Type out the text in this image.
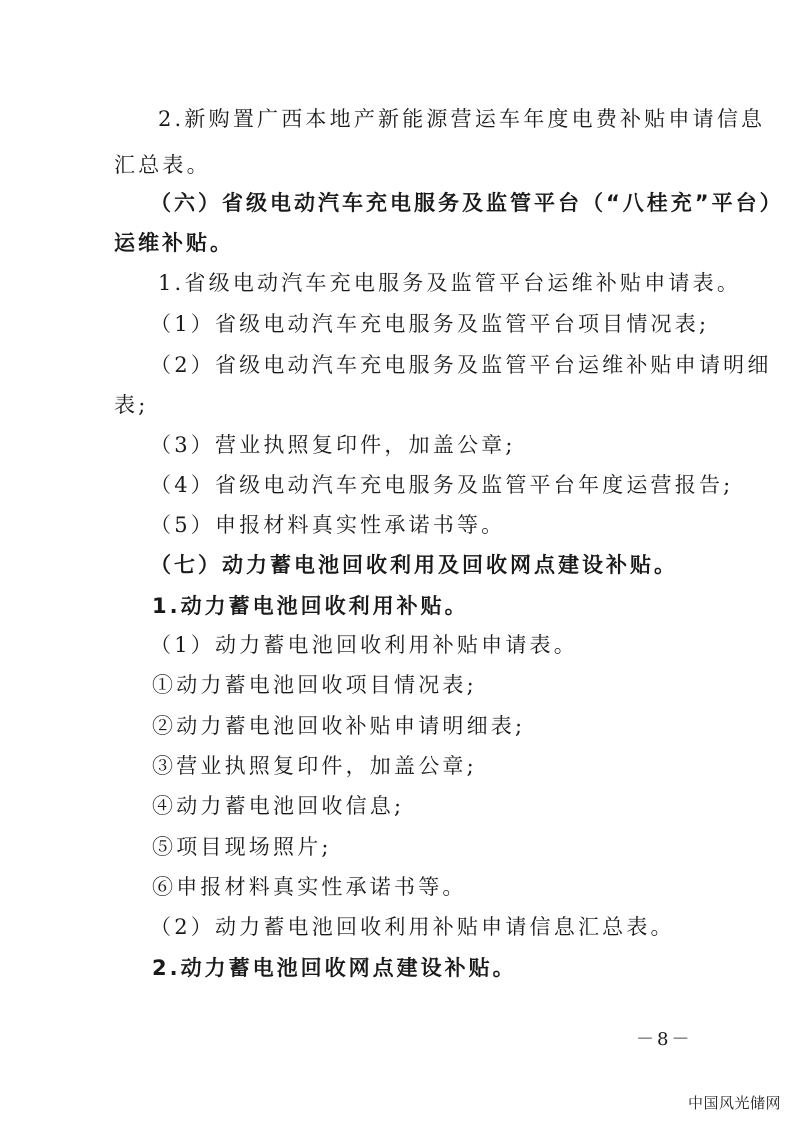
2.新购置广西本地产新能源营运车年度电费补贴申请信息
汇总表。
（六）省级电动汽车充电服务及监管平台（“八桂充”平台）
运维补贴。
1.省级电动汽车充电服务及监管平台运维补贴申请表。
（1）省级电动汽车充电服务及监管平台项目情况表;
（2）省级电动汽车充电服务及监管平台运维补贴申请明细
表;
（3）营业执照复印件，加盖公章;
（4）省级电动汽车充电服务及监管平台年度运营报告;
（5）申报材料真实性承诺书等。
（七）动力蓄电池回收利用及回收网点建设补贴。
1.动力蓄电池回收利用补贴。
（1）动力蓄电池回收利用补贴申请表。
①动力蓄电池回收项目情况表;
②动力蓄电池回收补贴申请明细表;
③营业执照复印件，加盖公章;
④动力蓄电池回收信息;
⑤项目现场照片;
⑥申报材料真实性承诺书等。
（2）动力蓄电池回收利用补贴申请信息汇总表。
2.动力蓄电池回收网点建设补贴。
－8－
中国风光储网
